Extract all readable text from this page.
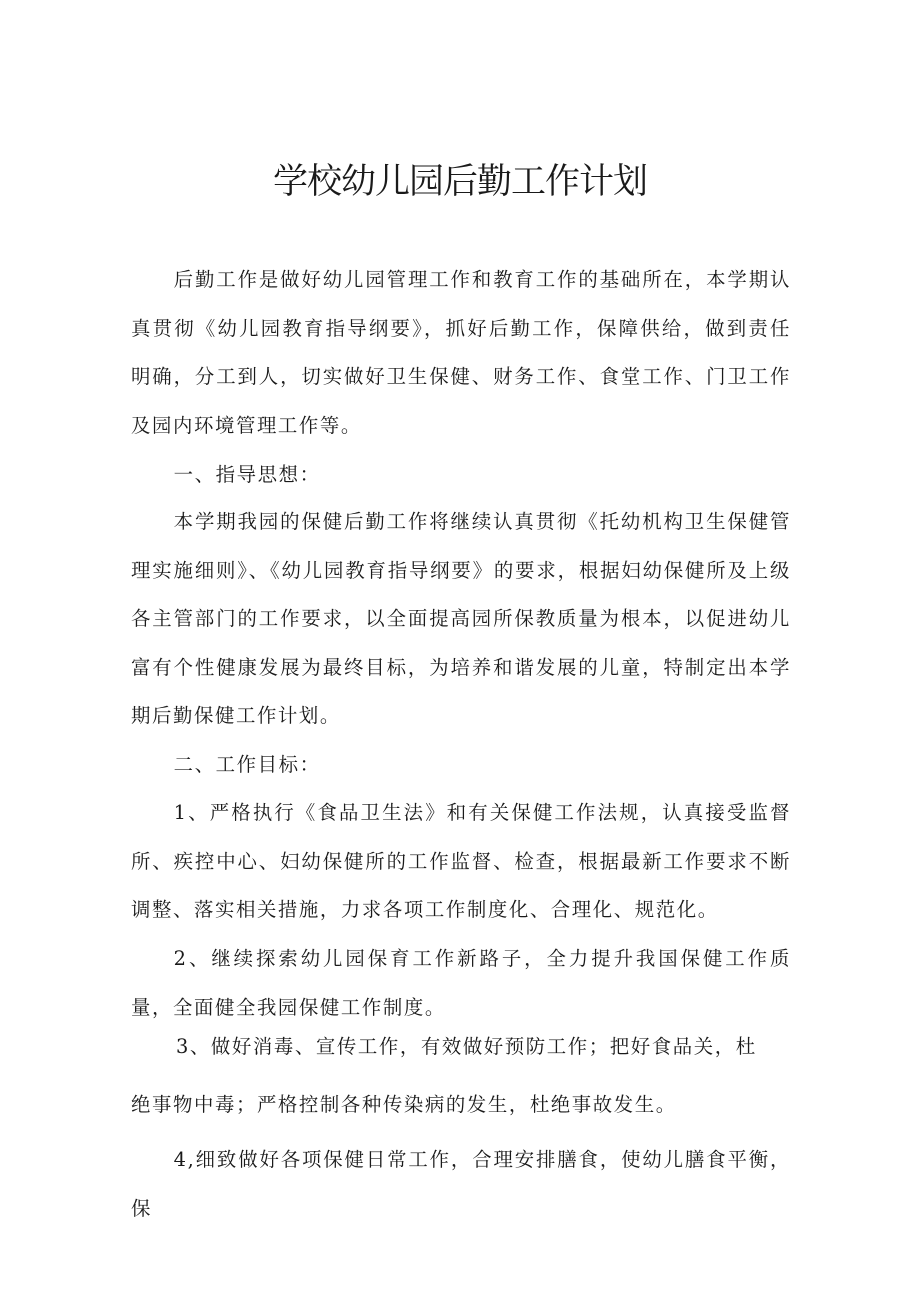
学校幼儿园后勤工作计划

后勤工作是做好幼儿园管理工作和教育工作的基础所在，本学期认真贯彻《幼儿园教育指导纲要》，抓好后勤工作，保障供给，做到责任明确，分工到人，切实做好卫生保健、财务工作、食堂工作、门卫工作及园内环境管理工作等。

一、指导思想：

本学期我园的保健后勤工作将继续认真贯彻《托幼机构卫生保健管理实施细则》、《幼儿园教育指导纲要》的要求，根据妇幼保健所及上级各主管部门的工作要求，以全面提高园所保教质量为根本，以促进幼儿富有个性健康发展为最终目标，为培养和谐发展的儿童，特制定出本学期后勤保健工作计划。

二、工作目标：

1、严格执行《食品卫生法》和有关保健工作法规，认真接受监督所、疾控中心、妇幼保健所的工作监督、检查，根据最新工作要求不断调整、落实相关措施，力求各项工作制度化、合理化、规范化。

2、继续探索幼儿园保育工作新路子，全力提升我国保健工作质量，全面健全我园保健工作制度。

3、做好消毒、宣传工作，有效做好预防工作；把好食品关，杜

绝事物中毒；严格控制各种传染病的发生，杜绝事故发生。

4,细致做好各项保健日常工作，合理安排膳食，使幼儿膳食平衡，保
